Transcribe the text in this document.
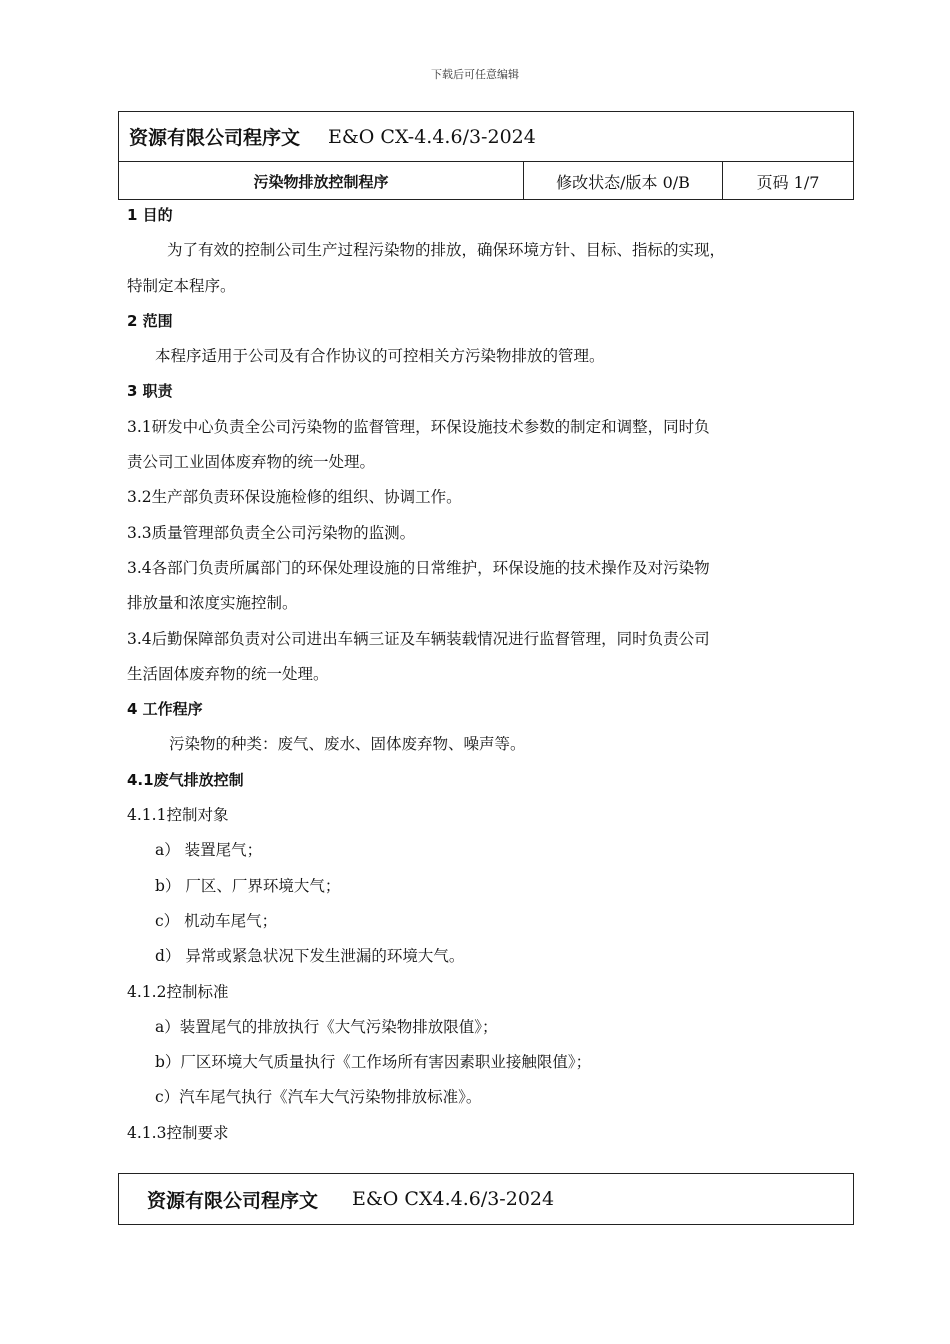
下载后可任意编辑
资源有限公司程序文 E&O CX-4.4.6/3-2024
污染物排放控制程序	修改状态/版本 0/B	页码 1/7
1 目的
为了有效的控制公司生产过程污染物的排放，确保环境方针、目标、指标的实现，
特制定本程序。
2 范围
本程序适用于公司及有合作协议的可控相关方污染物排放的管理。
3 职责
3.1研发中心负责全公司污染物的监督管理，环保设施技术参数的制定和调整，同时负
责公司工业固体废弃物的统一处理。
3.2生产部负责环保设施检修的组织、协调工作。
3.3质量管理部负责全公司污染物的监测。
3.4各部门负责所属部门的环保处理设施的日常维护，环保设施的技术操作及对污染物
排放量和浓度实施控制。
3.4后勤保障部负责对公司进出车辆三证及车辆装载情况进行监督管理，同时负责公司
生活固体废弃物的统一处理。
4 工作程序
污染物的种类：废气、废水、固体废弃物、噪声等。
4.1废气排放控制
4.1.1控制对象
a） 装置尾气；
b） 厂区、厂界环境大气；
c） 机动车尾气；
d） 异常或紧急状况下发生泄漏的环境大气。
4.1.2控制标准
a）装置尾气的排放执行《大气污染物排放限值》；
b）厂区环境大气质量执行《工作场所有害因素职业接触限值》；
c）汽车尾气执行《汽车大气污染物排放标准》。
4.1.3控制要求
资源有限公司程序文 E&O CX4.4.6/3-2024
